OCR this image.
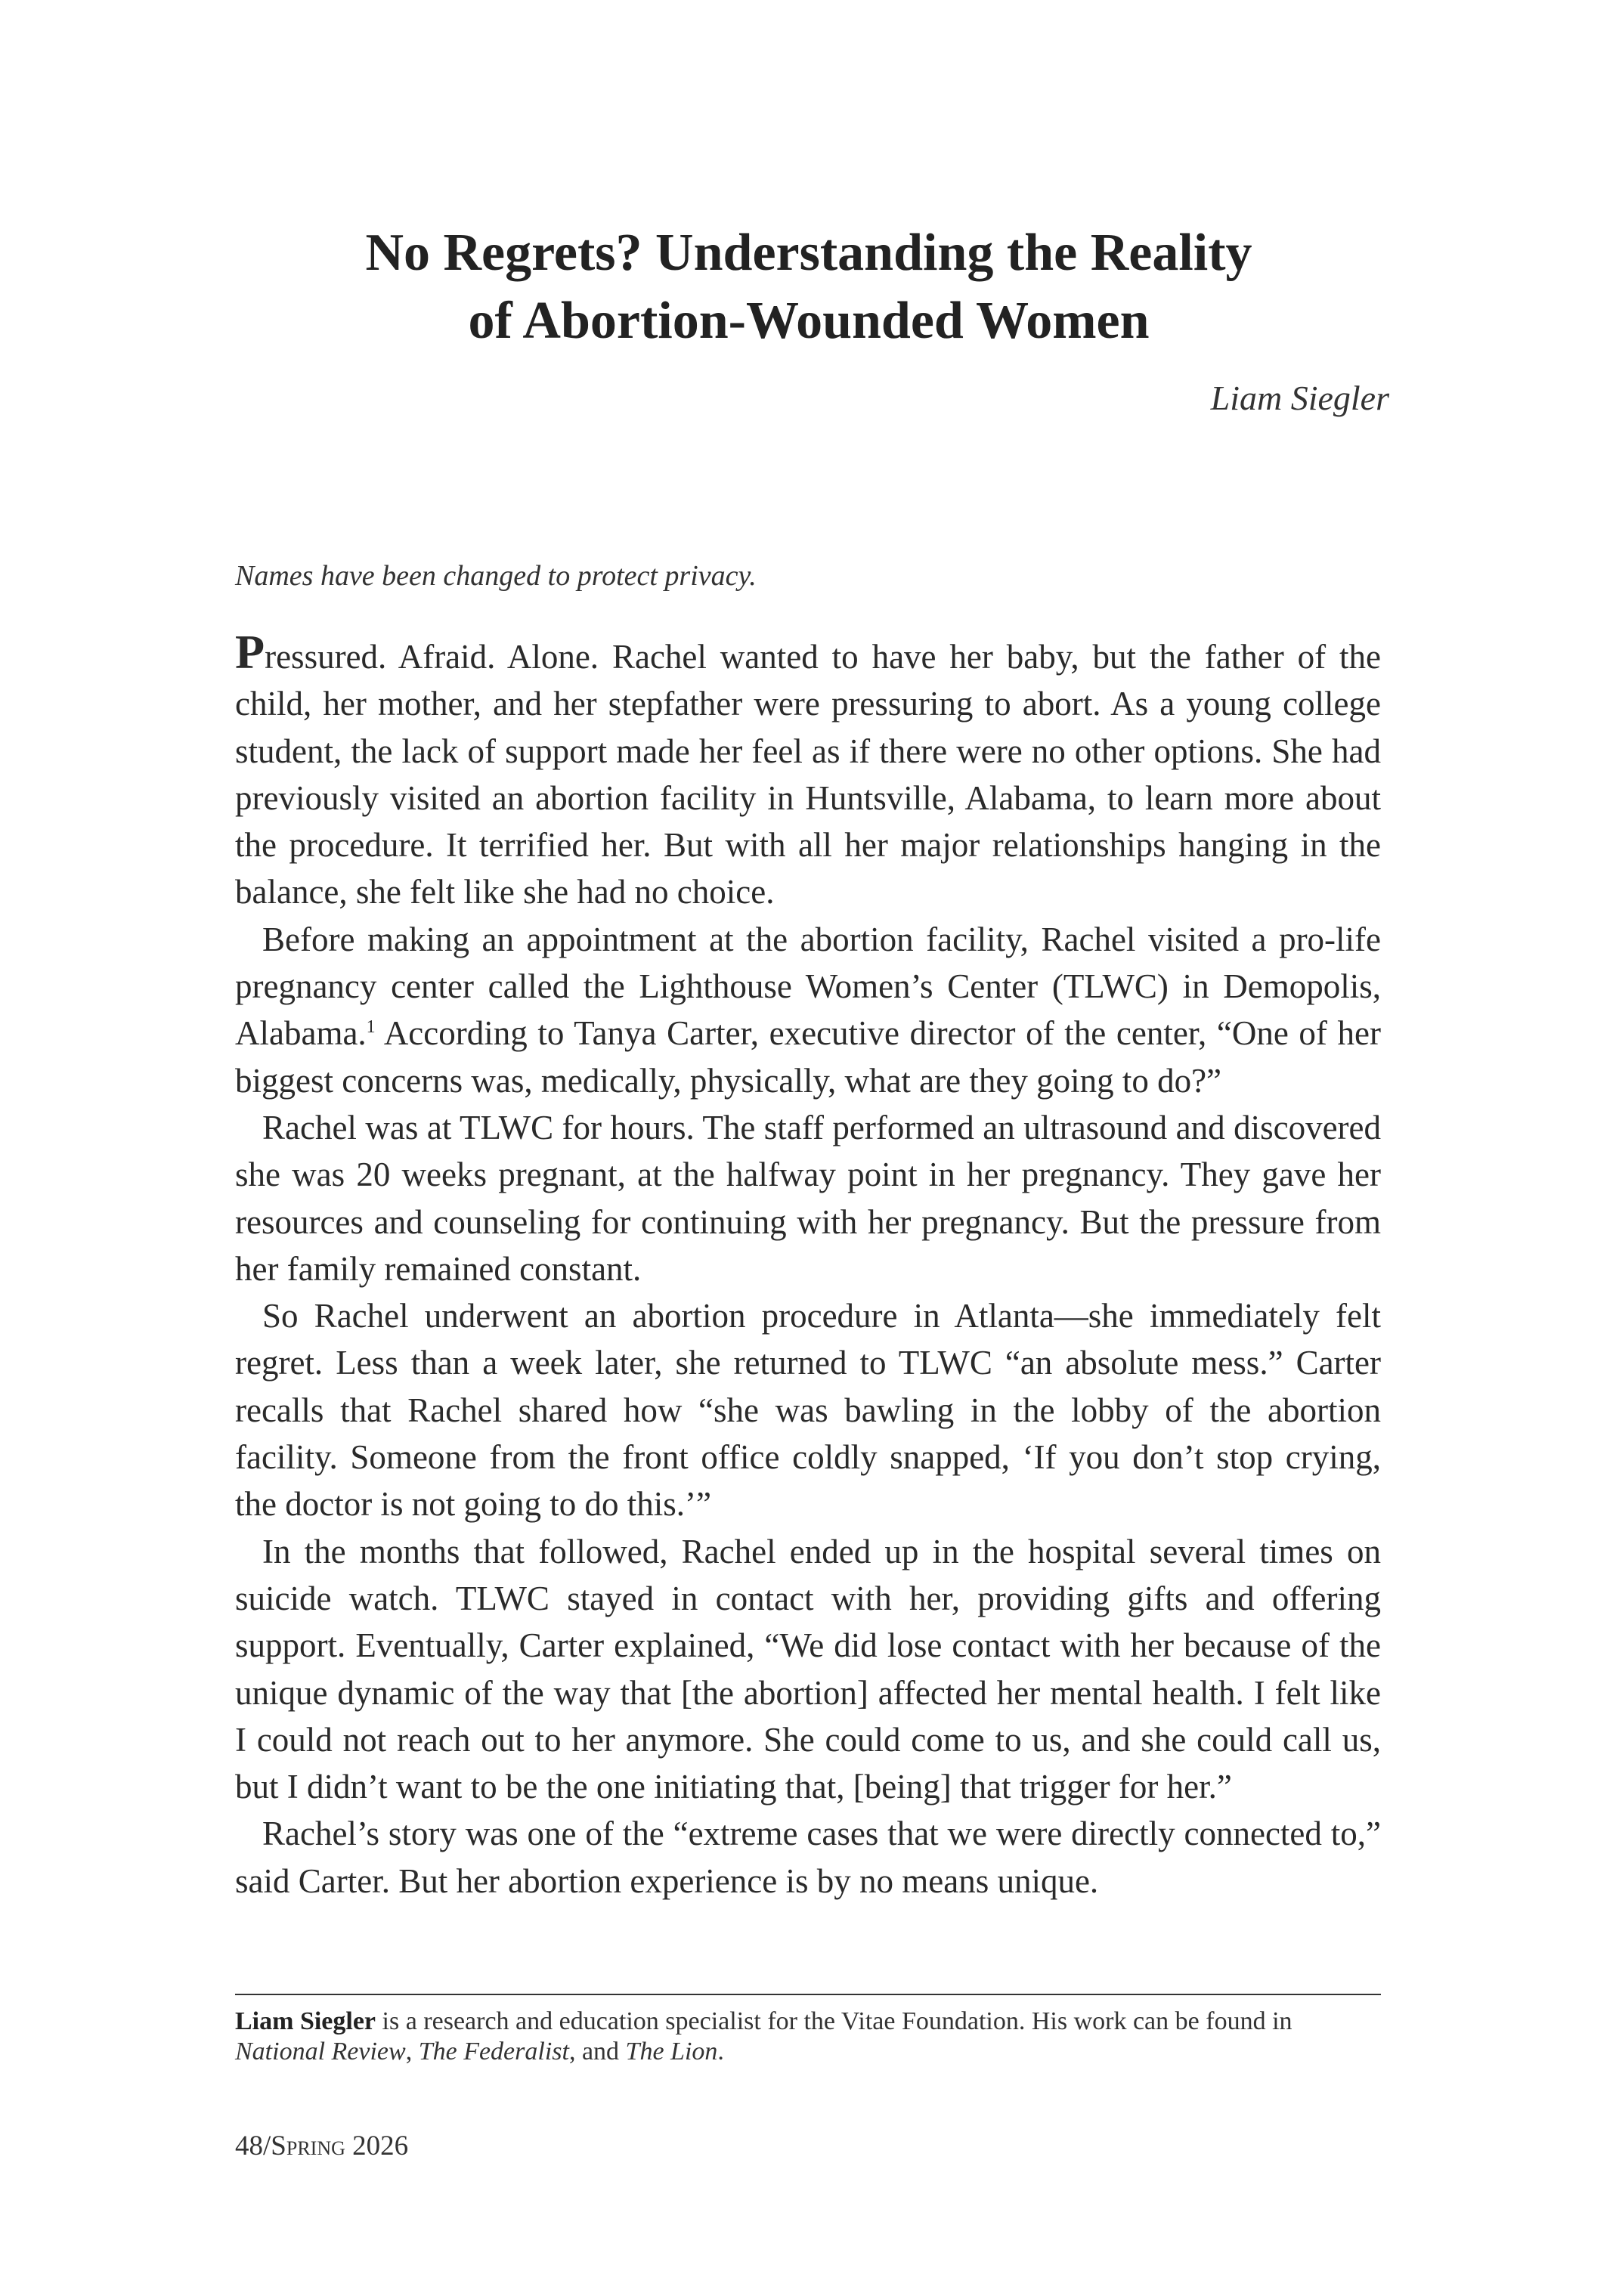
No Regrets? Understanding the Reality
of Abortion-Wounded Women
Liam Siegler
Names have been changed to protect privacy.

Pressured. Afraid. Alone. Rachel wanted to have her baby, but the father of the child, her mother, and her stepfather were pressuring to abort. As a young college student, the lack of support made her feel as if there were no other options. She had previously visited an abortion facility in Huntsville, Alabama, to learn more about the procedure. It terrified her. But with all her major relationships hanging in the balance, she felt like she had no choice.

Before making an appointment at the abortion facility, Rachel visited a pro-life pregnancy center called the Lighthouse Women’s Center (TLWC) in Demopolis, Alabama.$^1$ According to Tanya Carter, executive director of the center, “One of her biggest concerns was, medically, physically, what are they going to do?”

Rachel was at TLWC for hours. The staff performed an ultrasound and discovered she was 20 weeks pregnant, at the halfway point in her pregnancy. They gave her resources and counseling for continuing with her pregnancy. But the pressure from her family remained constant.

So Rachel underwent an abortion procedure in Atlanta—she immediately felt regret. Less than a week later, she returned to TLWC “an absolute mess.” Carter recalls that Rachel shared how “she was bawling in the lobby of the abortion facility. Someone from the front office coldly snapped, ‘If you don’t stop crying, the doctor is not going to do this.’”

In the months that followed, Rachel ended up in the hospital several times on suicide watch. TLWC stayed in contact with her, providing gifts and offering support. Eventually, Carter explained, “We did lose contact with her because of the unique dynamic of the way that [the abortion] affected her mental health. I felt like I could not reach out to her anymore. She could come to us, and she could call us, but I didn’t want to be the one initiating that, [being] that trigger for her.”

Rachel’s story was one of the “extreme cases that we were directly connected to,” said Carter. But her abortion experience is by no means unique.

Liam Siegler is a research and education specialist for the Vitae Foundation. His work can be found in National Review, The Federalist, and The Lion.
48/Spring 2026
